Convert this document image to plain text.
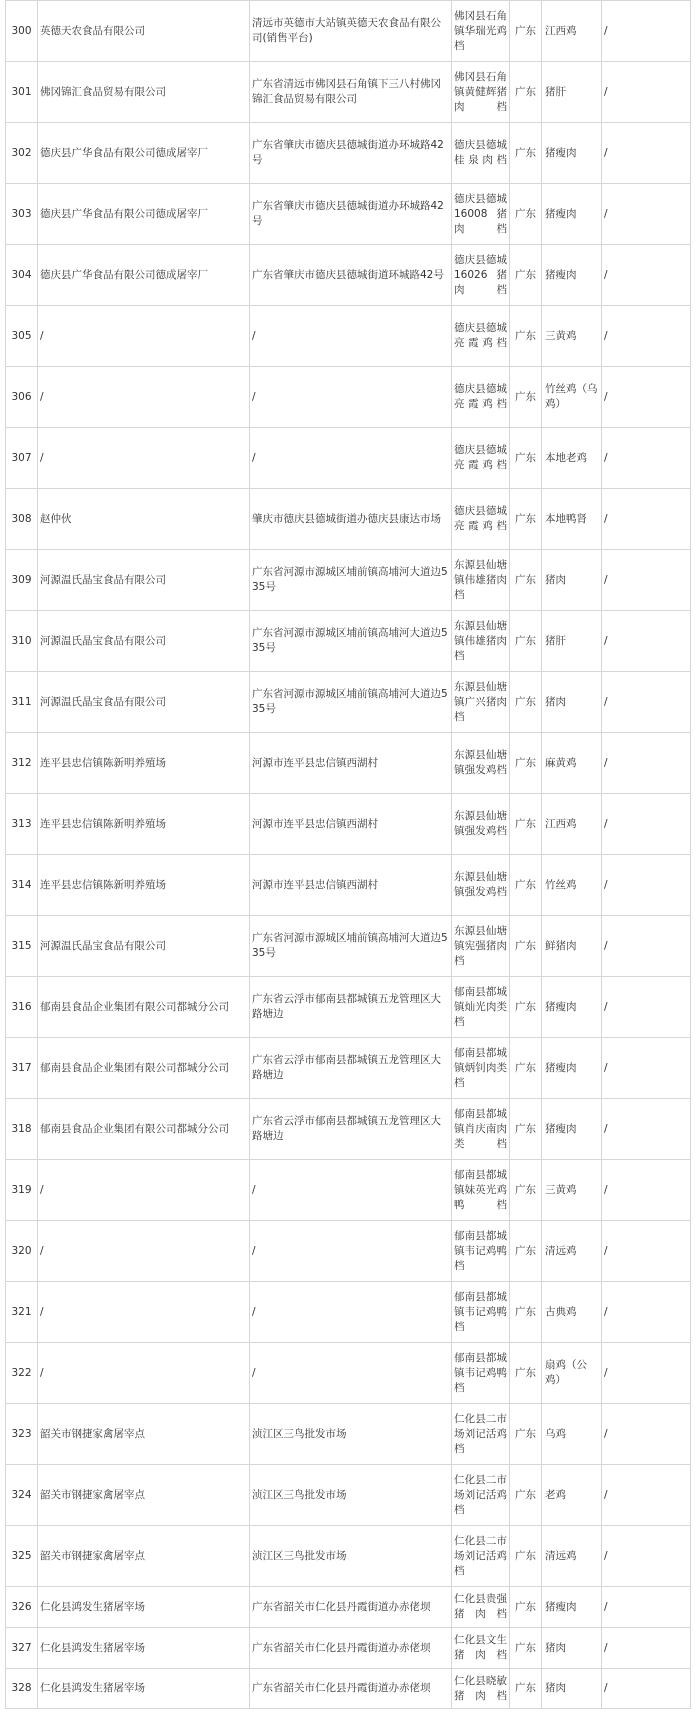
300	英德天农食品有限公司	清远市英德市大站镇英德天农食品有限公司(销售平台)	佛冈县石角镇华瑞光鸡档	广东	江西鸡	/
301	佛冈锦汇食品贸易有限公司	广东省清远市佛冈县石角镇下三八村佛冈锦汇食品贸易有限公司	佛冈县石角镇黄健辉猪肉档	广东	猪肝	/
302	德庆县广华食品有限公司德成屠宰厂	广东省肇庆市德庆县德城街道办环城路42号	德庆县德城桂泉肉档	广东	猪瘦肉	/
303	德庆县广华食品有限公司德成屠宰厂	广东省肇庆市德庆县德城街道办环城路42号	德庆县德城16008猪肉档	广东	猪瘦肉	/
304	德庆县广华食品有限公司德成屠宰厂	广东省肇庆市德庆县德城街道环城路42号	德庆县德城16026猪肉档	广东	猪瘦肉	/
305	/	/	德庆县德城亮霞鸡档	广东	三黄鸡	/
306	/	/	德庆县德城亮霞鸡档	广东	竹丝鸡（乌鸡）	/
307	/	/	德庆县德城亮霞鸡档	广东	本地老鸡	/
308	赵仲伙	肇庆市德庆县德城街道办德庆县康达市场	德庆县德城亮霞鸡档	广东	本地鸭肾	/
309	河源温氏晶宝食品有限公司	广东省河源市源城区埔前镇高埔河大道边535号	东源县仙塘镇伟雄猪肉档	广东	猪肉	/
310	河源温氏晶宝食品有限公司	广东省河源市源城区埔前镇高埔河大道边535号	东源县仙塘镇伟雄猪肉档	广东	猪肝	/
311	河源温氏晶宝食品有限公司	广东省河源市源城区埔前镇高埔河大道边535号	东源县仙塘镇广兴猪肉档	广东	猪肉	/
312	连平县忠信镇陈新明养殖场	河源市连平县忠信镇西湖村	东源县仙塘镇强发鸡档	广东	麻黄鸡	/
313	连平县忠信镇陈新明养殖场	河源市连平县忠信镇西湖村	东源县仙塘镇强发鸡档	广东	江西鸡	/
314	连平县忠信镇陈新明养殖场	河源市连平县忠信镇西湖村	东源县仙塘镇强发鸡档	广东	竹丝鸡	/
315	河源温氏晶宝食品有限公司	广东省河源市源城区埔前镇高埔河大道边535号	东源县仙塘镇宪强猪肉档	广东	鲜猪肉	/
316	郁南县食品企业集团有限公司都城分公司	广东省云浮市郁南县都城镇五龙管理区大路塘边	郁南县都城镇灿光肉类档	广东	猪瘦肉	/
317	郁南县食品企业集团有限公司都城分公司	广东省云浮市郁南县都城镇五龙管理区大路塘边	郁南县都城镇炳钊肉类档	广东	猪瘦肉	/
318	郁南县食品企业集团有限公司都城分公司	广东省云浮市郁南县都城镇五龙管理区大路塘边	郁南县都城镇肖庆南肉类档	广东	猪瘦肉	/
319	/	/	郁南县都城镇妹英光鸡鸭档	广东	三黄鸡	/
320	/	/	郁南县都城镇韦记鸡鸭档	广东	清远鸡	/
321	/	/	郁南县都城镇韦记鸡鸭档	广东	古典鸡	/
322	/	/	郁南县都城镇韦记鸡鸭档	广东	扇鸡（公鸡）	/
323	韶关市钢捷家禽屠宰点	浈江区三鸟批发市场	仁化县二市场刘记活鸡档	广东	乌鸡	/
324	韶关市钢捷家禽屠宰点	浈江区三鸟批发市场	仁化县二市场刘记活鸡档	广东	老鸡	/
325	韶关市钢捷家禽屠宰点	浈江区三鸟批发市场	仁化县二市场刘记活鸡档	广东	清远鸡	/
326	仁化县鸿发生猪屠宰场	广东省韶关市仁化县丹霞街道办赤佬坝	仁化县贵强猪肉档	广东	猪瘦肉	/
327	仁化县鸿发生猪屠宰场	广东省韶关市仁化县丹霞街道办赤佬坝	仁化县文生猪肉档	广东	猪肉	/
328	仁化县鸿发生猪屠宰场	广东省韶关市仁化县丹霞街道办赤佬坝	仁化县晓敏猪肉档	广东	猪肉	/
